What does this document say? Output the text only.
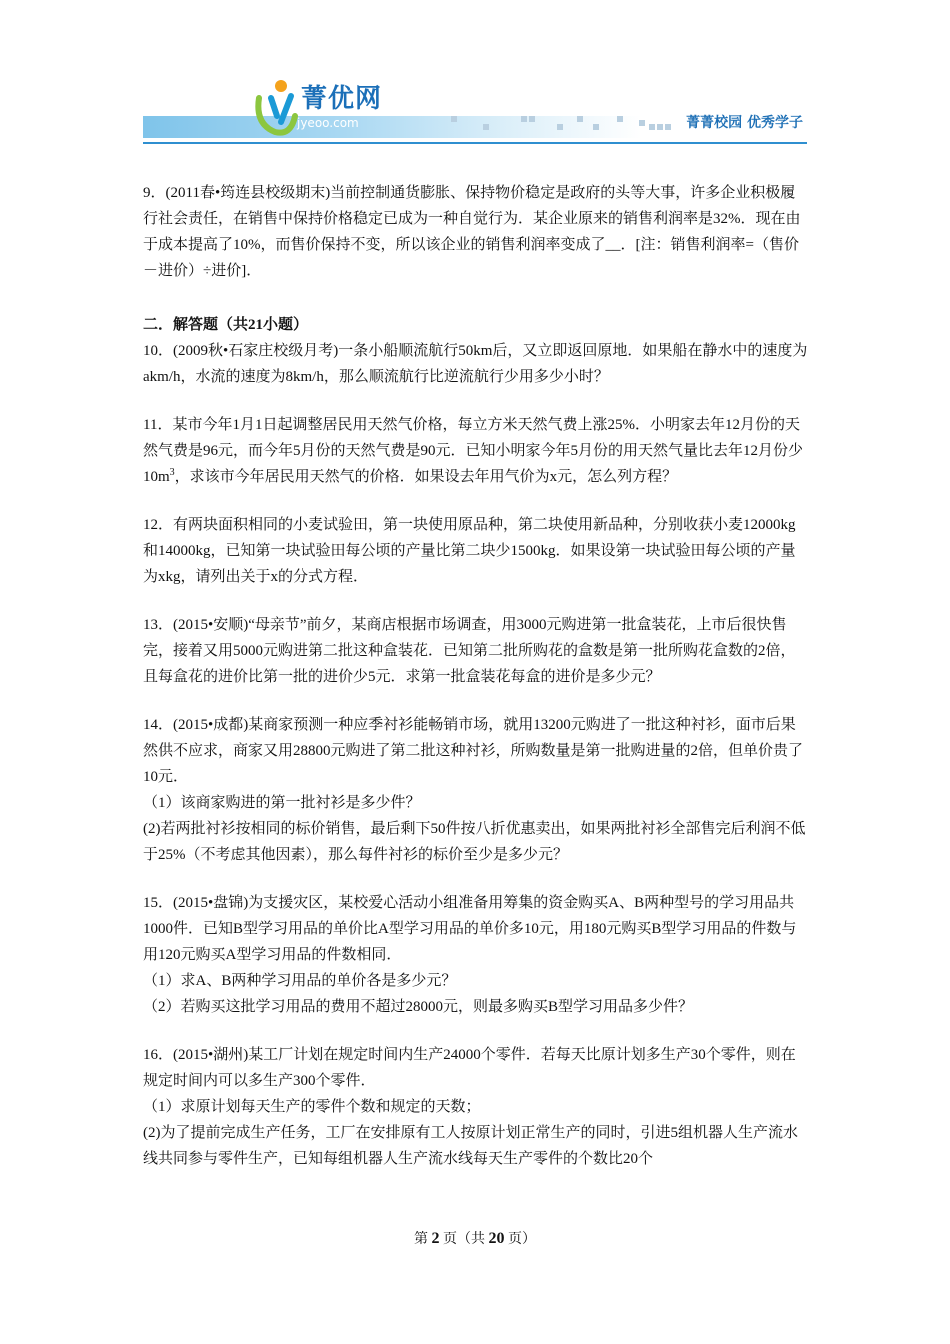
菁优网
jyeoo.com	菁菁校园 优秀学子

9．(2011春•筠连县校级期末)当前控制通货膨胀、保持物价稳定是政府的头等大事，许多企业积极履行社会责任，在销售中保持价格稳定已成为一种自觉行为．某企业原来的销售利润率是32%．现在由于成本提高了10%，而售价保持不变，所以该企业的销售利润率变成了__．[注：销售利润率=（售价－进价）÷进价]．

二．解答题（共21小题）

10．(2009秋•石家庄校级月考)一条小船顺流航行50km后，又立即返回原地．如果船在静水中的速度为akm/h，水流的速度为8km/h，那么顺流航行比逆流航行少用多少小时？

11．某市今年1月1日起调整居民用天然气价格，每立方米天然气费上涨25%．小明家去年12月份的天然气费是96元，而今年5月份的天然气费是90元．已知小明家今年5月份的用天然气量比去年12月份少$10m^3$，求该市今年居民用天然气的价格．如果设去年用气价为x元，怎么列方程？

12．有两块面积相同的小麦试验田，第一块使用原品种，第二块使用新品种，分别收获小麦12000kg和14000kg，已知第一块试验田每公顷的产量比第二块少1500kg．如果设第一块试验田每公顷的产量为xkg，请列出关于x的分式方程．

13．(2015•安顺)“母亲节”前夕，某商店根据市场调查，用3000元购进第一批盒装花，上市后很快售完，接着又用5000元购进第二批这种盒装花．已知第二批所购花的盒数是第一批所购花盒数的2倍，且每盒花的进价比第一批的进价少5元．求第一批盒装花每盒的进价是多少元？

14．(2015•成都)某商家预测一种应季衬衫能畅销市场，就用13200元购进了一批这种衬衫，面市后果然供不应求，商家又用28800元购进了第二批这种衬衫，所购数量是第一批购进量的2倍，但单价贵了10元．

（1）该商家购进的第一批衬衫是多少件？

(2)若两批衬衫按相同的标价销售，最后剩下50件按八折优惠卖出，如果两批衬衫全部售完后利润不低于25%（不考虑其他因素），那么每件衬衫的标价至少是多少元？

15．(2015•盘锦)为支援灾区，某校爱心活动小组准备用筹集的资金购买A、B两种型号的学习用品共1000件．已知B型学习用品的单价比A型学习用品的单价多10元，用180元购买B型学习用品的件数与用120元购买A型学习用品的件数相同．

（1）求A、B两种学习用品的单价各是多少元？

（2）若购买这批学习用品的费用不超过28000元，则最多购买B型学习用品多少件？

16．(2015•湖州)某工厂计划在规定时间内生产24000个零件．若每天比原计划多生产30个零件，则在规定时间内可以多生产300个零件．

（1）求原计划每天生产的零件个数和规定的天数；

(2)为了提前完成生产任务，工厂在安排原有工人按原计划正常生产的同时，引进5组机器人生产流水线共同参与零件生产，已知每组机器人生产流水线每天生产零件的个数比20个

第 2 页（共 20 页）
